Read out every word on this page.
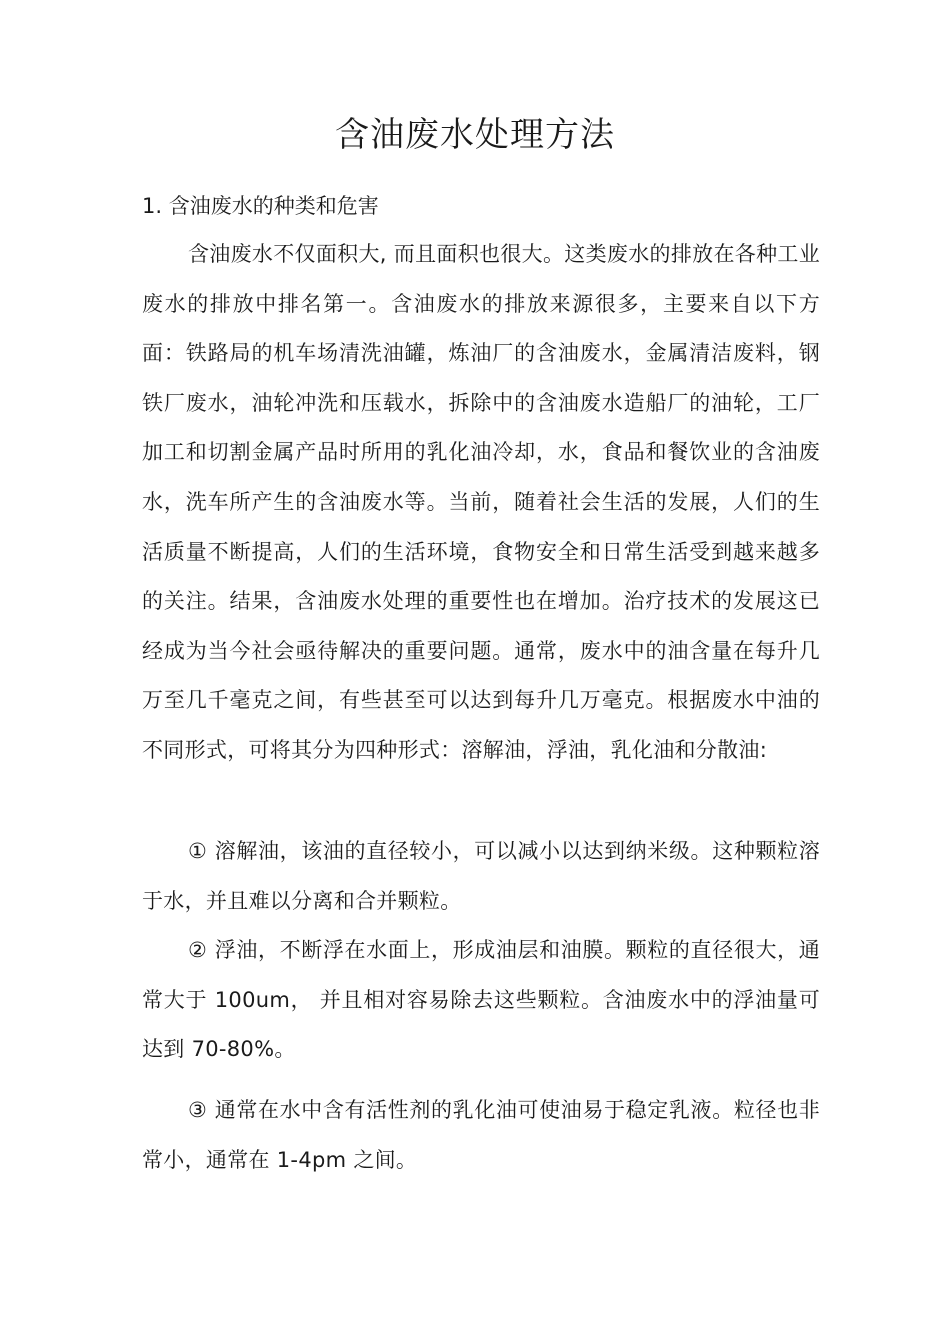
含油废水处理方法
1. 含油废水的种类和危害

含油废水不仅面积大, 而且面积也很大。这类废水的排放在各种工业废水的排放中排名第一。含油废水的排放来源很多，主要来自以下方面：铁路局的机车场清洗油罐，炼油厂的含油废水，金属清洁废料，钢铁厂废水，油轮冲洗和压载水，拆除中的含油废水造船厂的油轮，工厂加工和切割金属产品时所用的乳化油冷却，水，食品和餐饮业的含油废水，洗车所产生的含油废水等。当前，随着社会生活的发展，人们的生活质量不断提高，人们的生活环境，食物安全和日常生活受到越来越多的关注。结果，含油废水处理的重要性也在增加。治疗技术的发展这已经成为当今社会亟待解决的重要问题。通常，废水中的油含量在每升几万至几千毫克之间，有些甚至可以达到每升几万毫克。根据废水中油的不同形式，可将其分为四种形式：溶解油，浮油，乳化油和分散油:

① 溶解油，该油的直径较小，可以减小以达到纳米级。这种颗粒溶于水，并且难以分离和合并颗粒。

② 浮油，不断浮在水面上，形成油层和油膜。颗粒的直径很大，通常大于 100um， 并且相对容易除去这些颗粒。含油废水中的浮油量可达到 70-80%。

③ 通常在水中含有活性剂的乳化油可使油易于稳定乳液。粒径也非常小，通常在 1-4pm 之间。
